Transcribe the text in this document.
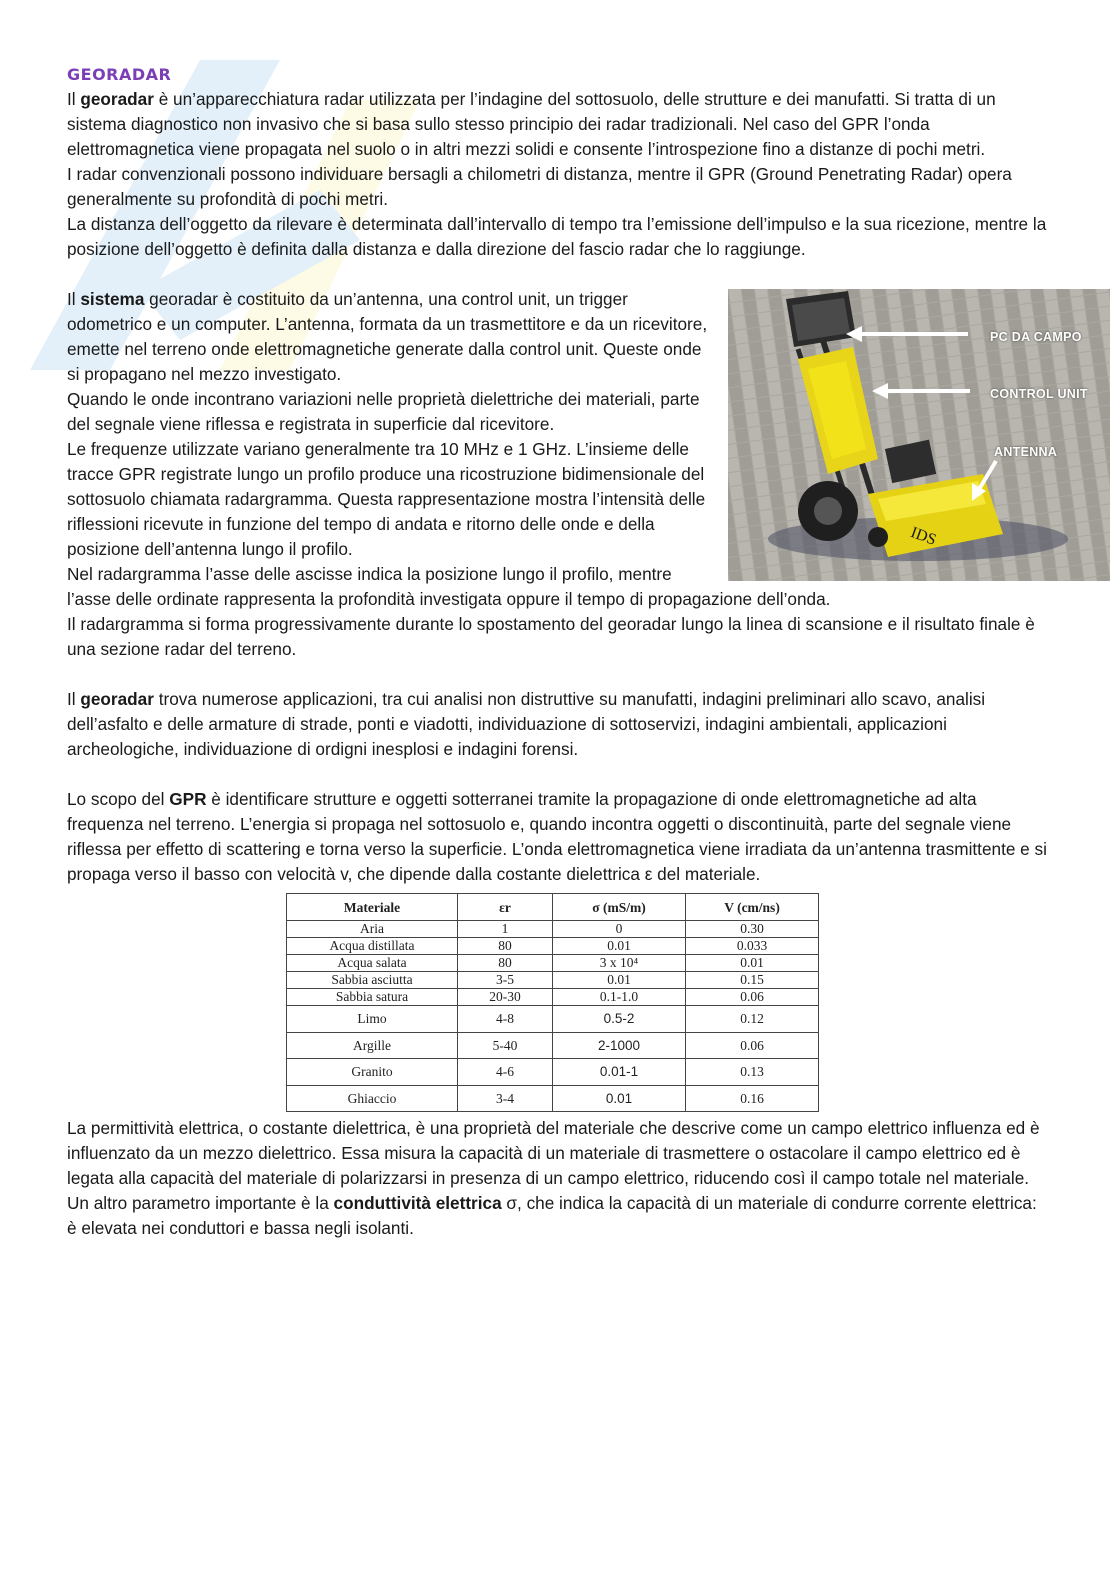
GEORADAR

Il georadar è un’apparecchiatura radar utilizzata per l’indagine del sottosuolo, delle strutture e dei manufatti. Si tratta di un sistema diagnostico non invasivo che si basa sullo stesso principio dei radar tradizionali. Nel caso del GPR l’onda elettromagnetica viene propagata nel suolo o in altri mezzi solidi e consente l’introspezione fino a distanze di pochi metri.

I radar convenzionali possono individuare bersagli a chilometri di distanza, mentre il GPR (Ground Penetrating Radar) opera generalmente su profondità di pochi metri.

La distanza dell’oggetto da rilevare è determinata dall’intervallo di tempo tra l’emissione dell’impulso e la sua ricezione, mentre la posizione dell’oggetto è definita dalla distanza e dalla direzione del fascio radar che lo raggiunge.

IDS
PC DA CAMPO
CONTROL UNIT
ANTENNA

Il sistema georadar è costituito da un’antenna, una control unit, un trigger odometrico e un computer. L’antenna, formata da un trasmettitore e da un ricevitore, emette nel terreno onde elettromagnetiche generate dalla control unit. Queste onde si propagano nel mezzo investigato.

Quando le onde incontrano variazioni nelle proprietà dielettriche dei materiali, parte del segnale viene riflessa e registrata in superficie dal ricevitore.

Le frequenze utilizzate variano generalmente tra 10 MHz e 1 GHz. L’insieme delle tracce GPR registrate lungo un profilo produce una ricostruzione bidimensionale del sottosuolo chiamata radargramma. Questa rappresentazione mostra l’intensità delle riflessioni ricevute in funzione del tempo di andata e ritorno delle onde e della posizione dell’antenna lungo il profilo.

Nel radargramma l’asse delle ascisse indica la posizione lungo il profilo, mentre l’asse delle ordinate rappresenta la profondità investigata oppure il tempo di propagazione dell’onda.

Il radargramma si forma progressivamente durante lo spostamento del georadar lungo la linea di scansione e il risultato finale è una sezione radar del terreno.

Il georadar trova numerose applicazioni, tra cui analisi non distruttive su manufatti, indagini preliminari allo scavo, analisi dell’asfalto e delle armature di strade, ponti e viadotti, individuazione di sottoservizi, indagini ambientali, applicazioni archeologiche, individuazione di ordigni inesplosi e indagini forensi.

Lo scopo del GPR è identificare strutture e oggetti sotterranei tramite la propagazione di onde elettromagnetiche ad alta frequenza nel terreno. L’energia si propaga nel sottosuolo e, quando incontra oggetti o discontinuità, parte del segnale viene riflessa per effetto di scattering e torna verso la superficie. L’onda elettromagnetica viene irradiata da un’antenna trasmittente e si propaga verso il basso con velocità v, che dipende dalla costante dielettrica ε del materiale.

Materiale	εr	σ (mS/m)	V (cm/ns)
Aria	1	0	0.30
Acqua distillata	80	0.01	0.033
Acqua salata	80	3 x 10⁴	0.01
Sabbia asciutta	3-5	0.01	0.15
Sabbia satura	20-30	0.1-1.0	0.06
Limo	4-8	0.5-2	0.12
Argille	5-40	2-1000	0.06
Granito	4-6	0.01-1	0.13
Ghiaccio	3-4	0.01	0.16

La permittività elettrica, o costante dielettrica, è una proprietà del materiale che descrive come un campo elettrico influenza ed è influenzato da un mezzo dielettrico. Essa misura la capacità di un materiale di trasmettere o ostacolare il campo elettrico ed è legata alla capacità del materiale di polarizzarsi in presenza di un campo elettrico, riducendo così il campo totale nel materiale. Un altro parametro importante è la conduttività elettrica σ, che indica la capacità di un materiale di condurre corrente elettrica: è elevata nei conduttori e bassa negli isolanti.
